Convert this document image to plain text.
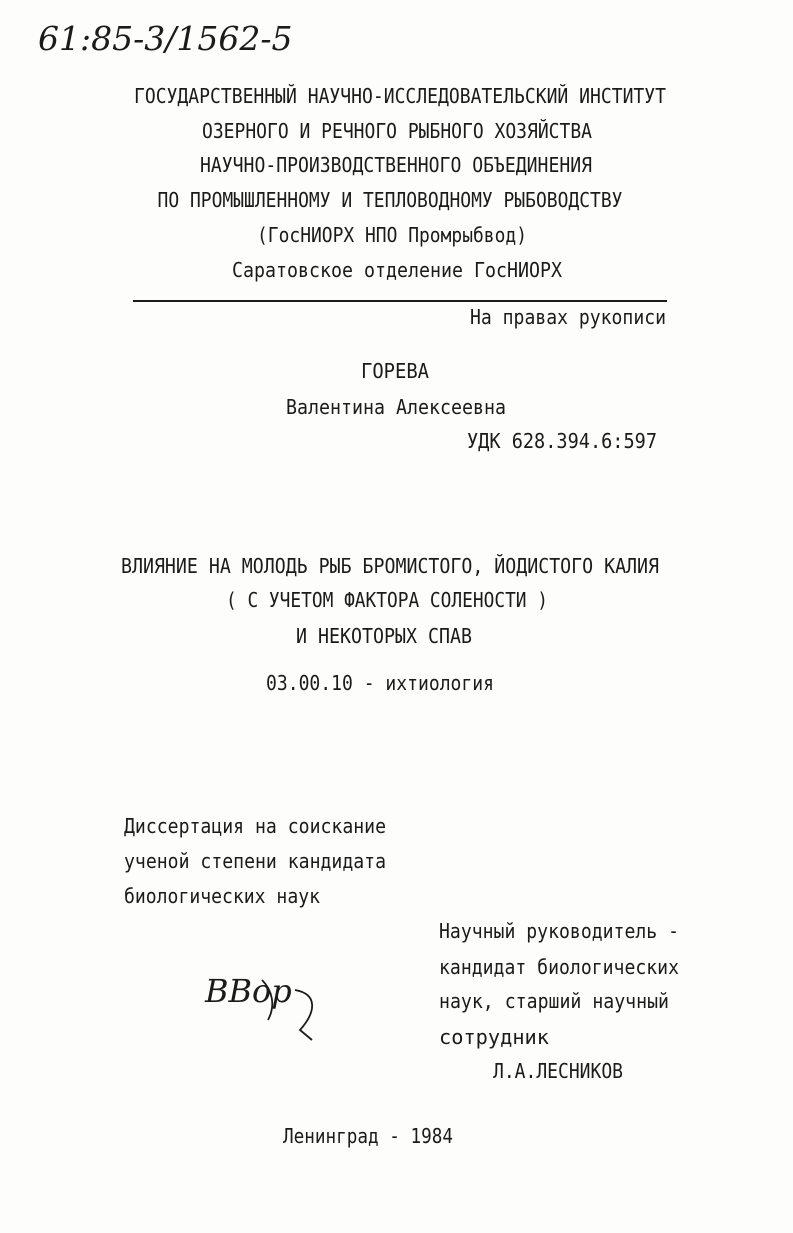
61:85-3/1562-5
ГОСУДАРСТВЕННЫЙ НАУЧНО-ИССЛЕДОВАТЕЛЬСКИЙ ИНСТИТУТ
ОЗЕРНОГО И РЕЧНОГО РЫБНОГО ХОЗЯЙСТВА
НАУЧНО-ПРОИЗВОДСТВЕННОГО ОБЪЕДИНЕНИЯ
ПО ПРОМЫШЛЕННОМУ И ТЕПЛОВОДНОМУ РЫБОВОДСТВУ
(ГосНИОРХ НПО Промрыбвод)
Саратовское отделение ГосНИОРХ
На правах рукописи
ГОРЕВА
Валентина Алексеевна
УДК 628.394.6:597
ВЛИЯНИЕ НА МОЛОДЬ РЫБ БРОМИСТОГО, ЙОДИСТОГО КАЛИЯ
( С УЧЕТОМ ФАКТОРА СОЛЕНОСТИ )
И НЕКОТОРЫХ СПАВ
03.00.10 - ихтиология
Диссертация на соискание
ученой степени кандидата
биологических наук
Научный руководитель -
кандидат биологических
наук, старший научный
сотрудник
Л.А.ЛЕСНИКОВ
ВВор
Ленинград - 1984
